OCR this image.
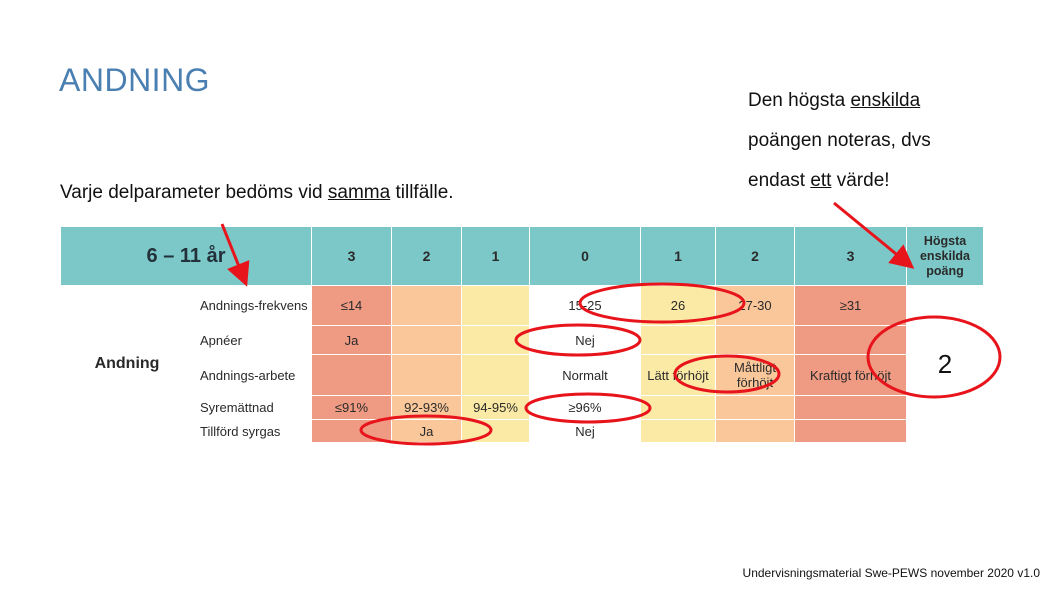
ANDNING
Den högsta enskilda
poängen noteras, dvs
endast ett värde!
Varje delparameter bedöms vid samma tillfälle.
6 – 11 år		3	2	1	0	1	2	3	Högsta enskilda poäng
Andning	Andnings-frekvens	≤14			15-25	26	27-30	≥31	2
	Apnéer	Ja			Nej				
	Andnings-arbete				Normalt	Lätt förhöjt	Måttligt förhöjt	Kraftigt förhöjt	
	Syremättnad	≤91%	92-93%	94-95%	≥96%				
	Tillförd syrgas		Ja		Nej				
Undervisningsmaterial Swe-PEWS november 2020 v1.0
